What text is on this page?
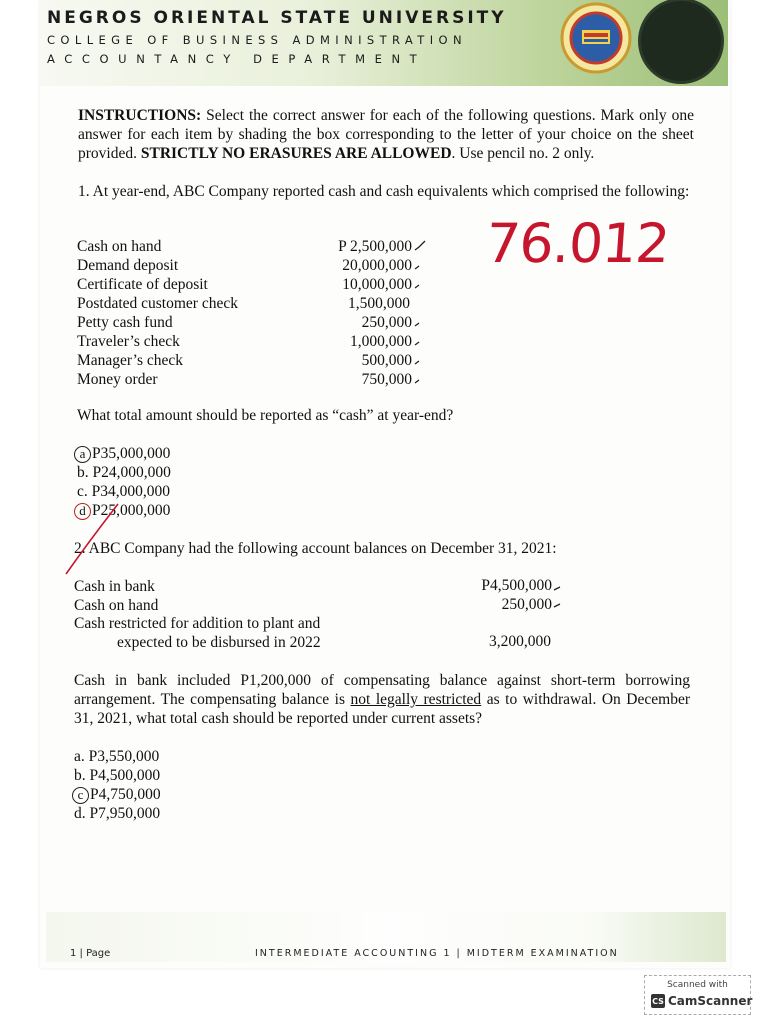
NEGROS ORIENTAL STATE UNIVERSITY
COLLEGE OF BUSINESS ADMINISTRATION
ACCOUNTANCY DEPARTMENT
INSTRUCTIONS: Select the correct answer for each of the following questions. Mark only one answer for each item by shading the box corresponding to the letter of your choice on the sheet provided. STRICTLY NO ERASURES ARE ALLOWED. Use pencil no. 2 only.
76.012
1. At year-end, ABC Company reported cash and cash equivalents which comprised the following:
Cash on hand
Demand deposit
Certificate of deposit
Postdated customer check
Petty cash fund
Traveler’s check
Manager’s check
Money order
P 2,500,000
20,000,000
10,000,000
1,500,000
250,000
1,000,000
500,000
750,000
What total amount should be reported as “cash” at year-end?
a P35,000,000
b. P24,000,000
c. P34,000,000
d P25,000,000
2. ABC Company had the following account balances on December 31, 2021:
Cash in bank
Cash on hand
Cash restricted for addition to plant and
expected to be disbursed in 2022
P4,500,000
250,000
3,200,000
Cash in bank included P1,200,000 of compensating balance against short-term borrowing arrangement. The compensating balance is not legally restricted as to withdrawal. On December 31, 2021, what total cash should be reported under current assets?
a. P3,550,000
b. P4,500,000
c P4,750,000
d. P7,950,000
1 | Page	INTERMEDIATE ACCOUNTING 1 | MIDTERM EXAMINATION
Scanned with
CS CamScanner
